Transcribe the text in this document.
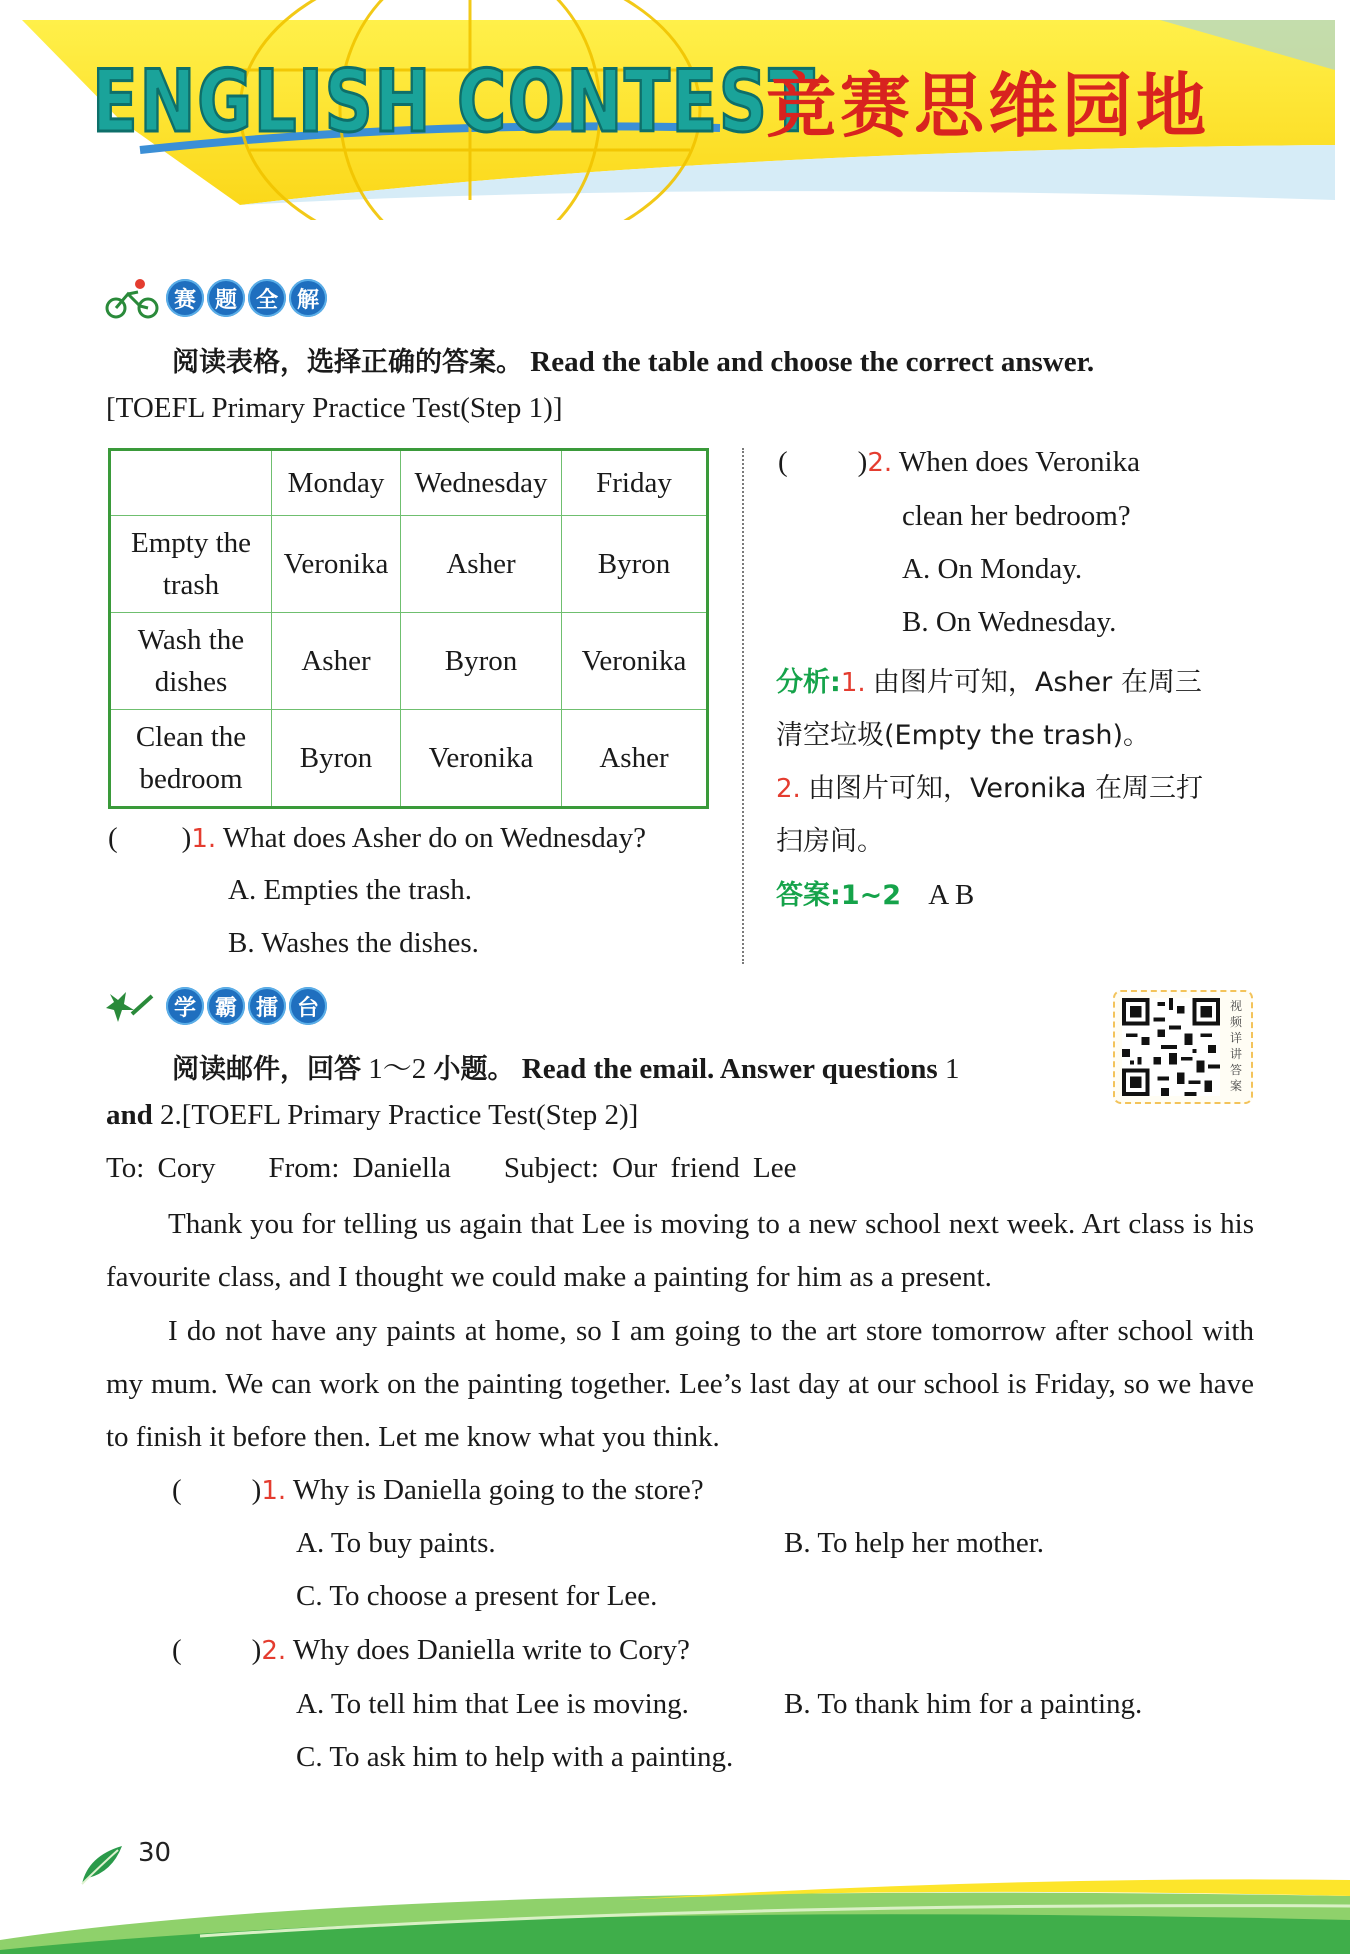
ENGLISH CONTEST
竞赛思维园地
赛 题 全 解
阅读表格，选择正确的答案。 Read the table and choose the correct answer.
[TOEFL Primary Practice Test(Step 1)]
	Monday	Wednesday	Friday

Empty the
trash	Veronika	Asher	Byron

Wash the
dishes	Asher	Byron	Veronika

Clean the
bedroom	Byron	Veronika	Asher
( )1. What does Asher do on Wednesday?
A. Empties the trash.
B. Washes the dishes.
( )2. When does Veronika
clean her bedroom?
A. On Monday.
B. On Wednesday.
分析:1. 由图片可知，Asher 在周三
清空垃圾(Empty the trash)。
2. 由图片可知，Veronika 在周三打
扫房间。
答案:1~2 A B
学 霸 擂 台	视
频
详
讲
答
案
阅读邮件，回答 1～2 小题。 Read the email. Answer questions 1
and 2.[TOEFL Primary Practice Test(Step 2)]
To: Cory    From: Daniella    Subject: Our friend Lee
Thank you for telling us again that Lee is moving to a new school next week. Art class is his favourite class, and I thought we could make a painting for him as a present.
I do not have any paints at home, so I am going to the art store tomorrow after school with my mum. We can work on the painting together. Lee’s last day at our school is Friday, so we have to finish it before then. Let me know what you think.
( )1. Why is Daniella going to the store?
A. To buy paints.	B. To help her mother.
C. To choose a present for Lee.
( )2. Why does Daniella write to Cory?
A. To tell him that Lee is moving.	B. To thank him for a painting.
C. To ask him to help with a painting.
30
